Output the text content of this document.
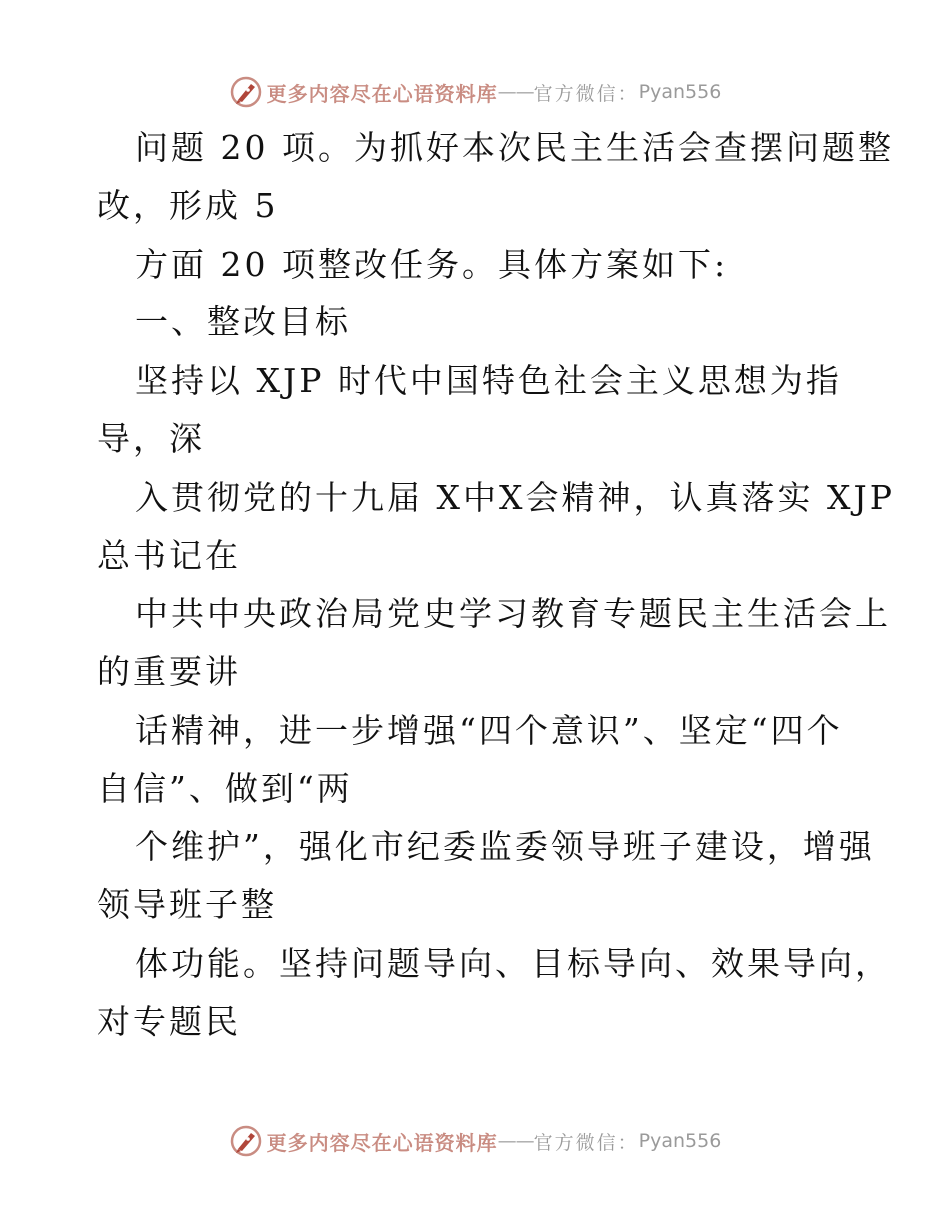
更多内容尽在心语资料库 —— 官方微信： Pyan556
问题 20 项。为抓好本次民主生活会查摆问题整
改，形成 5
方面 20 项整改任务。具体方案如下:
一、整改目标
坚持以 XJP 时代中国特色社会主义思想为指
导，深
入贯彻党的十九届 X中X会精神，认真落实 XJP
总书记在
中共中央政治局党史学习教育专题民主生活会上
的重要讲
话精神，进一步增强“四个意识”、坚定“四个
自信”、做到“两
个维护”，强化市纪委监委领导班子建设，增强
领导班子整
体功能。坚持问题导向、目标导向、效果导向，
对专题民
更多内容尽在心语资料库 —— 官方微信： Pyan556
